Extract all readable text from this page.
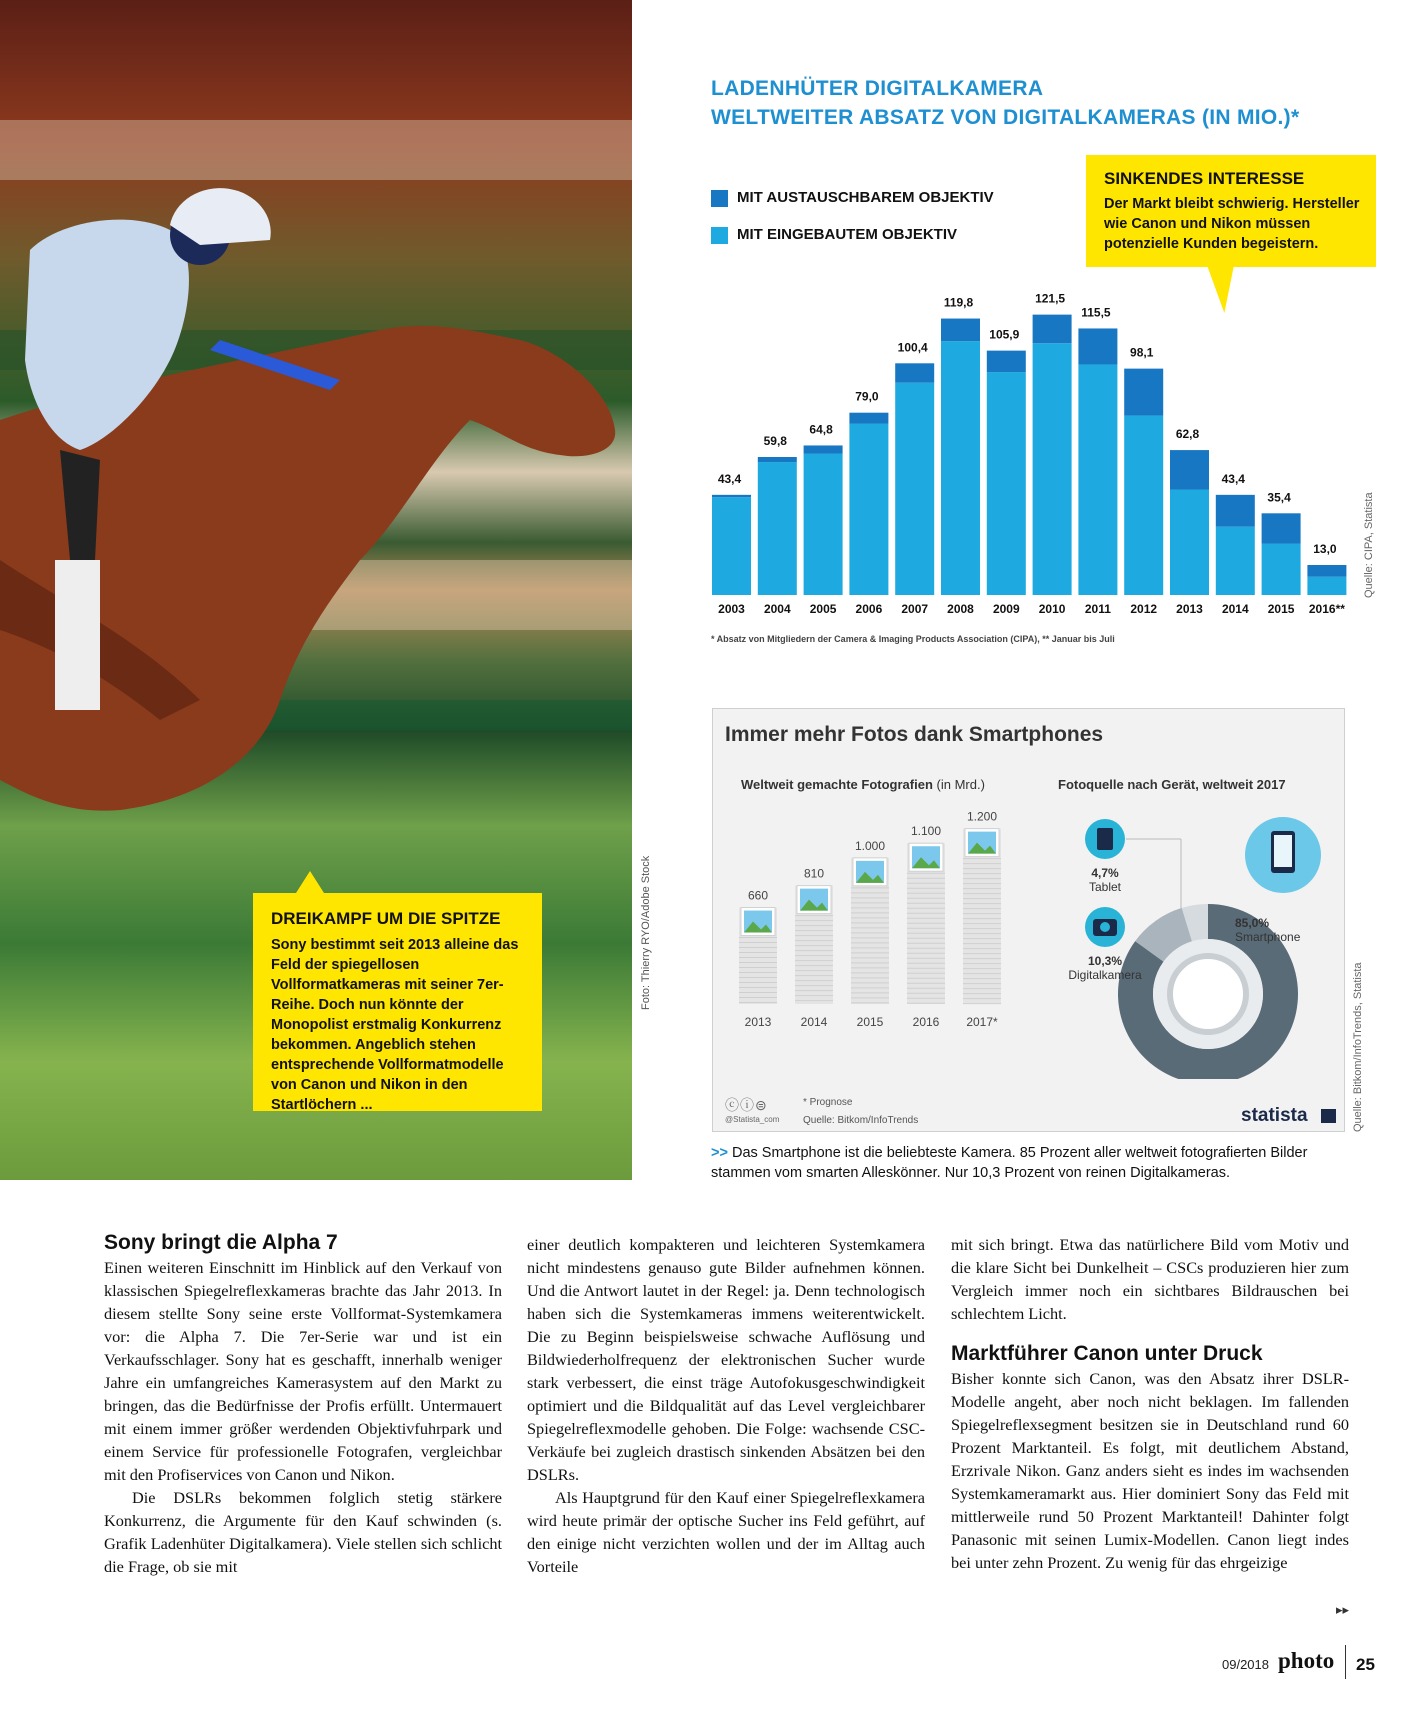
Foto: Thierry RYO/Adobe Stock
DREIKAMPF UM DIE SPITZE
Sony bestimmt seit 2013 alleine das Feld der spiegellosen Vollformatkameras mit seiner 7er-Reihe. Doch nun könnte der Monopolist erstmalig Konkurrenz bekommen. Angeblich stehen entsprechende Vollformatmodelle von Canon und Nikon in den Startlöchern ...
LADENHÜTER DIGITALKAMERA
WELTWEITER ABSATZ VON DIGITALKAMERAS (IN MIO.)*
MIT AUSTAUSCHBAREM OBJEKTIV
MIT EINGEBAUTEM OBJEKTIV
SINKENDES INTERESSE
Der Markt bleibt schwierig. Hersteller wie Canon und Nikon müssen potenzielle Kunden begeistern.
43,4
2003
59,8
2004
64,8
2005
79,0
2006
100,4
2007
119,8
2008
105,9
2009
121,5
2010
115,5
2011
98,1
2012
62,8
2013
43,4
2014
35,4
2015
13,0
2016**
* Absatz von Mitgliedern der Camera & Imaging Products Association (CIPA), ** Januar bis Juli
Quelle: CIPA, Statista
Immer mehr Fotos dank Smartphones
Weltweit gemachte Fotografien (in Mrd.)	Fotoquelle nach Gerät, weltweit 2017
660
2013
810
2014
1.000
2015
1.100
2016
1.200
2017*
4,7%
Tablet
10,3%
Digitalkamera
85,0%
Smartphone
ⓒⓘ⊜
@Statista_com
* Prognose
Quelle: Bitkom/InfoTrends	statista	Quelle: Bitkom/InfoTrends, Statista
>> Das Smartphone ist die beliebteste Kamera. 85 Prozent aller weltweit fotografierten Bilder stammen vom smarten Alleskönner. Nur 10,3 Prozent von reinen Digitalkameras.
Sony bringt die Alpha 7

Einen weiteren Einschnitt im Hinblick auf den Verkauf von klassischen Spiegelreflexkameras brachte das Jahr 2013. In diesem stellte Sony seine erste Vollformat-Systemkamera vor: die Alpha 7. Die 7er-Serie war und ist ein Verkaufsschlager. Sony hat es geschafft, innerhalb weniger Jahre ein umfangreiches Kamerasystem auf den Markt zu bringen, das die Bedürfnisse der Profis erfüllt. Untermauert mit einem immer größer werdenden Objektivfuhrpark und einem Service für professionelle Fotografen, vergleichbar mit den Profiservices von Canon und Nikon.

Die DSLRs bekommen folglich stetig stärkere Konkurrenz, die Argumente für den Kauf schwinden (s. Grafik Ladenhüter Digitalkamera). Viele stellen sich schlicht die Frage, ob sie mit

einer deutlich kompakteren und leichteren Systemkamera nicht mindestens genauso gute Bilder aufnehmen können. Und die Antwort lautet in der Regel: ja. Denn technologisch haben sich die Systemkameras immens weiterentwickelt. Die zu Beginn beispielsweise schwache Auflösung und Bildwiederholfrequenz der elektronischen Sucher wurde stark verbessert, die einst träge Autofokusgeschwindigkeit optimiert und die Bildqualität auf das Level vergleichbarer Spiegelreflexmodelle gehoben. Die Folge: wachsende CSC-Verkäufe bei zugleich drastisch sinkenden Absätzen bei den DSLRs.

Als Hauptgrund für den Kauf einer Spiegelreflexkamera wird heute primär der optische Sucher ins Feld geführt, auf den einige nicht verzichten wollen und der im Alltag auch Vorteile

mit sich bringt. Etwa das natürlichere Bild vom Motiv und die klare Sicht bei Dunkelheit – CSCs produzieren hier zum Vergleich immer noch ein sichtbares Bildrauschen bei schlechtem Licht.

Marktführer Canon unter Druck

Bisher konnte sich Canon, was den Absatz ihrer DSLR-Modelle angeht, aber noch nicht beklagen. Im fallenden Spiegelreflexsegment besitzen sie in Deutschland rund 60 Prozent Marktanteil. Es folgt, mit deutlichem Abstand, Erzrivale Nikon. Ganz anders sieht es indes im wachsenden Systemkameramarkt aus. Hier dominiert Sony das Feld mit mittlerweile rund 50 Prozent Marktanteil! Dahinter folgt Panasonic mit seinen Lumix-Modellen. Canon liegt indes bei unter zehn Prozent. Zu wenig für das ehrgeizige

▸▸
09/2018 photo 25
